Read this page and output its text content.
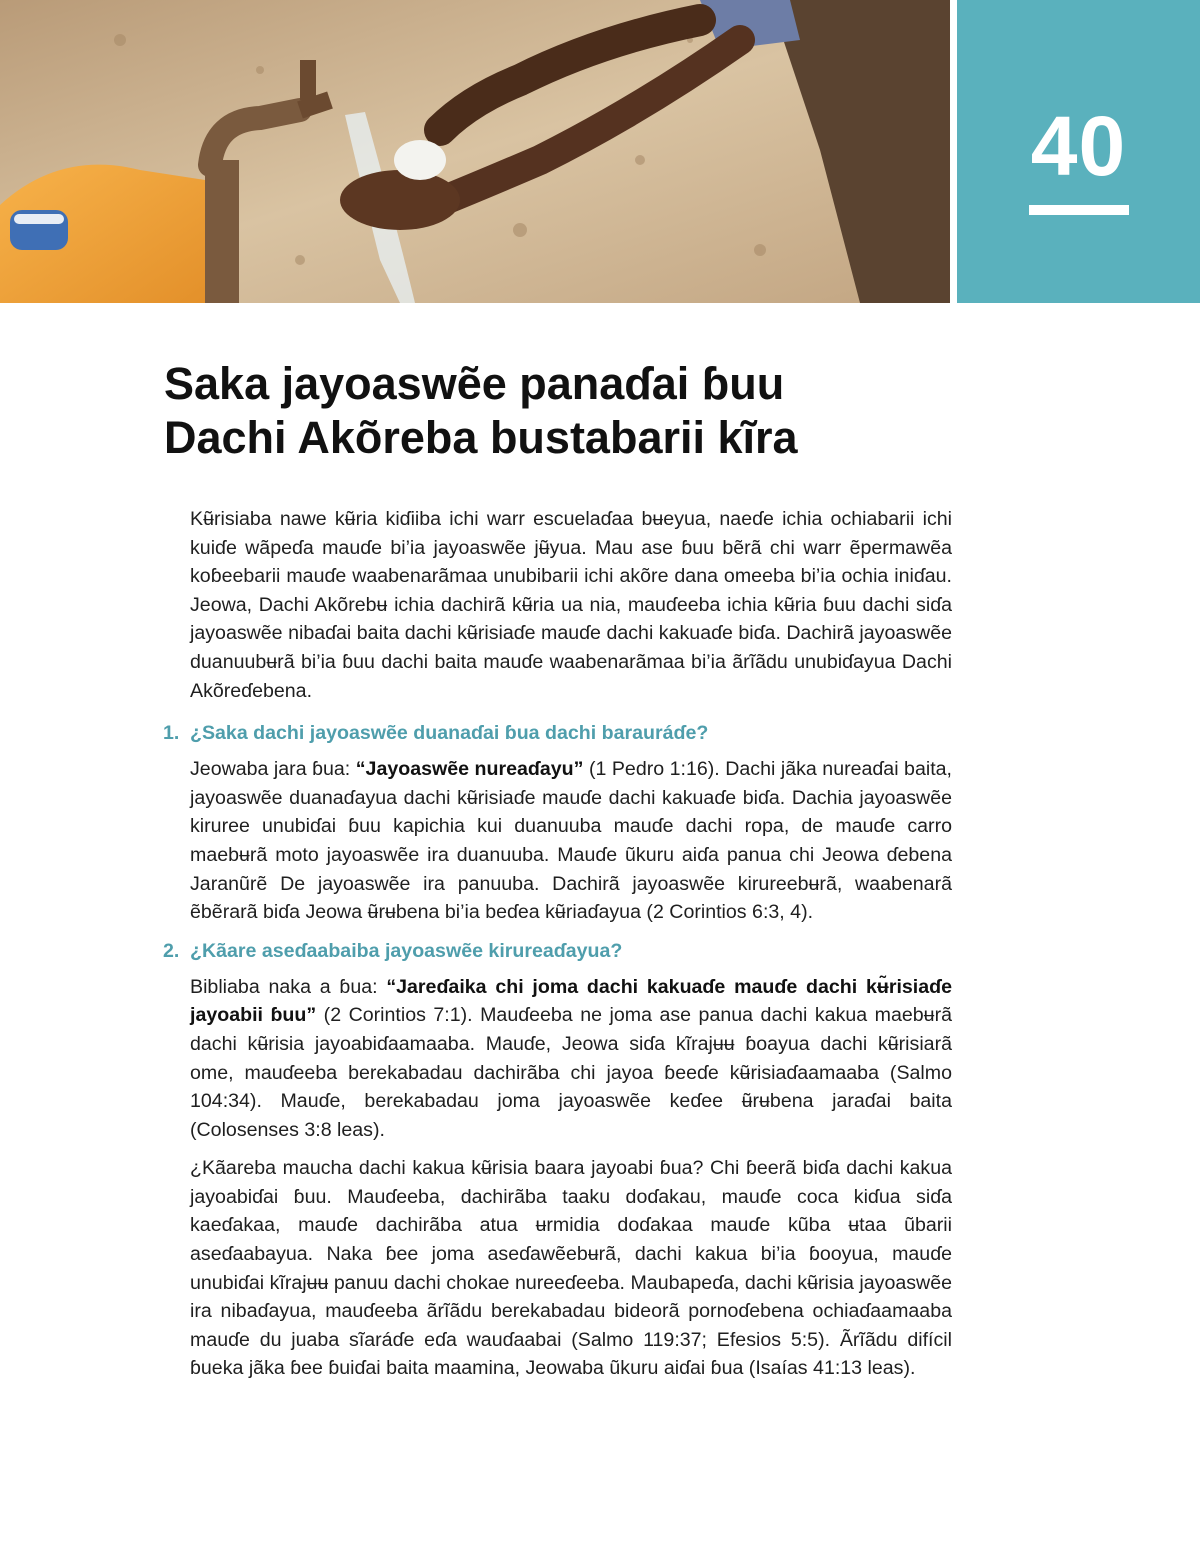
40
Saka jayoaswẽe panaɗai ɓuu
Dachi Akõreba bustabarii kĩra

Kʉ̃risiaba nawe kʉ̃ria kiɗiiba ichi warr escuelaɗaa bʉeyua, naeɗe ichia ochiabarii ichi kuiɗe wãpeɗa mauɗe bi’ia jayoaswẽe jʉ̃yua. Mau ase ɓuu bẽrã chi warr ẽpermawẽa koɓeebarii mauɗe waabenarãmaa unubibarii ichi akõre dana omeeba bi’ia ochia iniɗau. Jeowa, Dachi Akõrebʉ ichia dachirã kʉ̃ria ua nia, mauɗeeba ichia kʉ̃ria ɓuu dachi siɗa jayoaswẽe nibaɗai baita dachi kʉ̃risiaɗe mauɗe dachi kakuaɗe biɗa. Dachirã jayoaswẽe duanuubʉrã bi’ia ɓuu dachi baita mauɗe waabenarãmaa bi’ia ãrĩãdu unubiɗayua Dachi Akõreɗebena.

1. ¿Saka dachi jayoaswẽe duanaɗai ɓua dachi barauráɗe?

Jeowaba jara ɓua: “Jayoaswẽe nureaɗayu” (1 Pedro 1:16). Dachi jãka nureaɗai baita, jayoaswẽe duanaɗayua dachi kʉ̃risiaɗe mauɗe dachi kakuaɗe biɗa. Dachia jayoaswẽe kiruree unubiɗai ɓuu kapichia kui duanuuba mauɗe dachi ropa, de mauɗe carro maebʉrã moto jayoaswẽe ira duanuuba. Mauɗe ũkuru aiɗa panua chi Jeowa ɗebena Jaranũrẽ De jayoaswẽe ira panuuba. Dachirã jayoaswẽe kirureebʉrã, waabenarã ẽbẽrarã biɗa Jeowa ʉ̃rʉbena bi’ia beɗea kʉ̃riaɗayua (2 Corintios 6:3, 4).

2. ¿Kãare aseɗaabaiba jayoaswẽe kirureaɗayua?

Bibliaba naka a ɓua: “Jareɗaika chi joma dachi kakuaɗe mauɗe dachi kʉ̃risiaɗe jayoabii ɓuu” (2 Corintios 7:1). Mauɗeeba ne joma ase panua dachi kakua maebʉrã dachi kʉ̃risia jayoabiɗaamaaba. Mauɗe, Jeowa siɗa kĩrajʉʉ ɓoayua dachi kʉ̃risiarã ome, mauɗeeba berekabadau dachirãba chi jayoa ɓeeɗe kʉ̃risiaɗaamaaba (Salmo 104:34). Mauɗe, berekabadau joma jayoaswẽe keɗee ʉ̃rʉbena jaraɗai baita (Colosenses 3:8 leas).

¿Kãareba maucha dachi kakua kʉ̃risia baara jayoabi ɓua? Chi ɓeerã biɗa dachi kakua jayoabiɗai ɓuu. Mauɗeeba, dachirãba taaku doɗakau, mauɗe coca kiɗua siɗa kaeɗakaa, mauɗe dachirãba atua ʉrmidia doɗakaa mauɗe kũba ʉtaa ũbarii aseɗaabayua. Naka ɓee joma aseɗawẽebʉrã, dachi kakua bi’ia ɓooyua, mauɗe unubiɗai kĩrajʉʉ panuu dachi chokae nureeɗeeba. Maubapeɗa, dachi kʉ̃risia jayoaswẽe ira nibaɗayua, mauɗeeba ãrĩãdu berekabadau bideorã pornoɗebena ochiaɗaamaaba mauɗe du juaba sĩaráɗe eɗa wauɗaabai (Salmo 119:37; Efesios 5:5). Ãrĩãdu difícil ɓueka jãka ɓee ɓuiɗai baita maamina, Jeowaba ũkuru aiɗai ɓua (Isaías 41:13 leas).
